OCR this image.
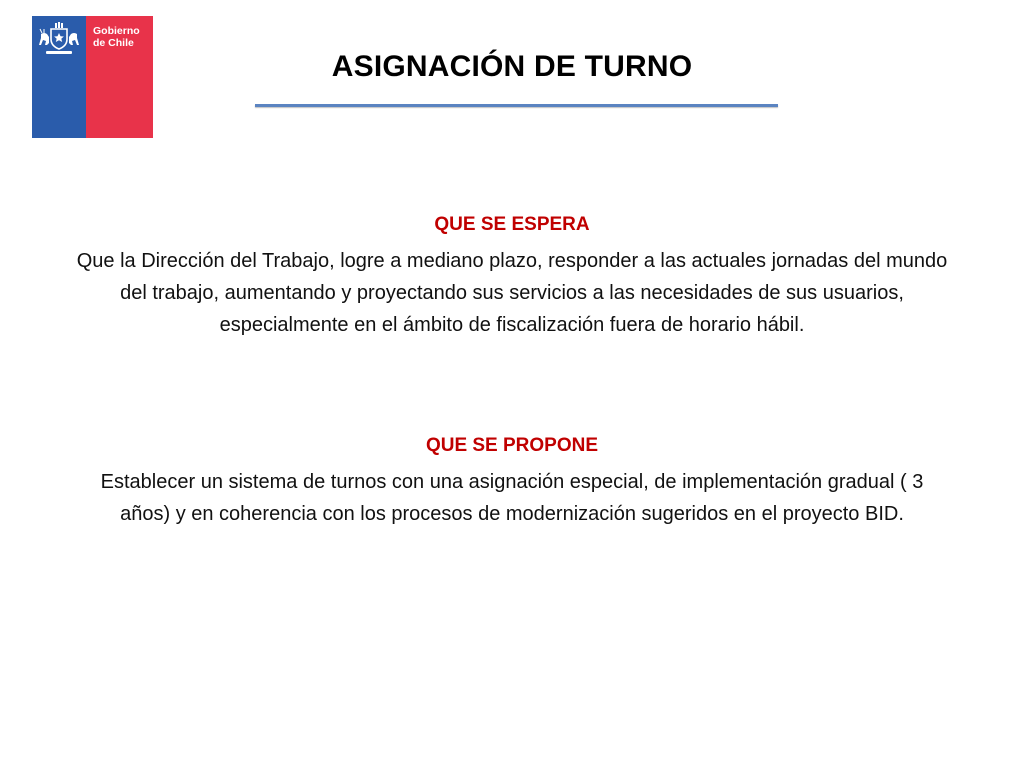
Gobierno
de Chile
ASIGNACIÓN DE TURNO
QUE SE ESPERA
Que la Dirección del Trabajo, logre a mediano plazo, responder a las actuales jornadas del mundo del trabajo, aumentando y proyectando sus servicios a las necesidades de sus usuarios, especialmente en el ámbito de fiscalización fuera de horario hábil.
QUE SE PROPONE
Establecer un sistema de turnos con una asignación especial, de implementación gradual ( 3 años) y en coherencia con los procesos de modernización sugeridos en el proyecto BID.
